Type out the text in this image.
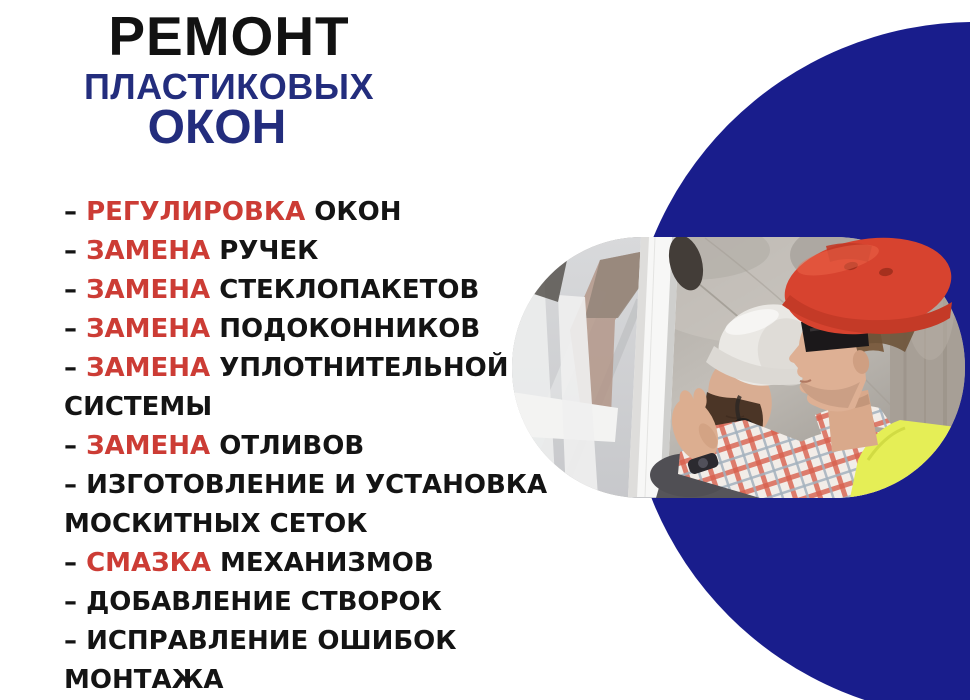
РЕМОНТ
ПЛАСТИКОВЫХ
ОКОН
– РЕГУЛИРОВКА ОКОН
– ЗАМЕНА РУЧЕК
– ЗАМЕНА СТЕКЛОПАКЕТОВ
– ЗАМЕНА ПОДОКОННИКОВ
– ЗАМЕНА УПЛОТНИТЕЛЬНОЙ
СИСТЕМЫ
– ЗАМЕНА ОТЛИВОВ
– ИЗГОТОВЛЕНИЕ И УСТАНОВКА
МОСКИТНЫХ СЕТОК
– СМАЗКА МЕХАНИЗМОВ
– ДОБАВЛЕНИЕ СТВОРОК
– ИСПРАВЛЕНИЕ ОШИБОК
МОНТАЖА
